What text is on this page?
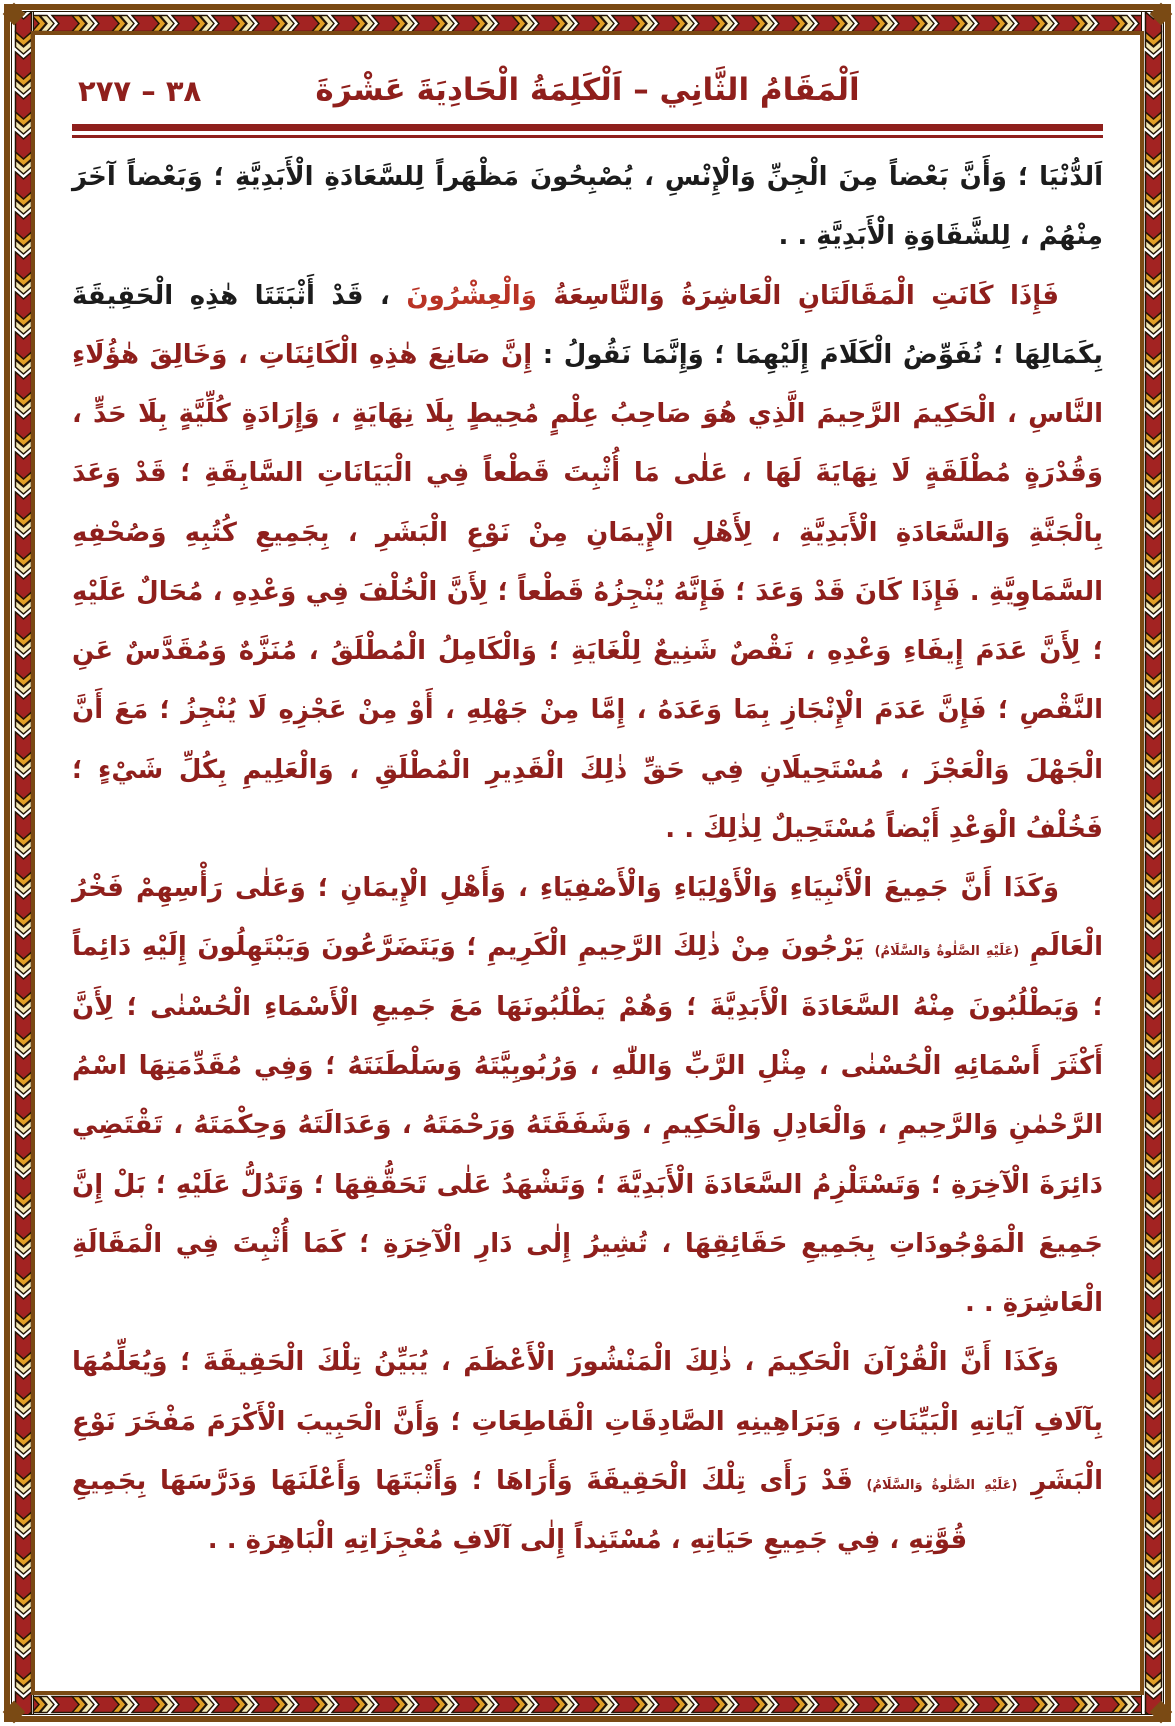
اَلْمَقَامُ الثَّانِي – اَلْكَلِمَةُ الْحَادِيَةَ عَشْرَةَ
٣٨ – ٢٧٧

اَلدُّنْيَا ؛ وَأَنَّ بَعْضاً مِنَ الْجِنِّ وَالْإِنْسِ ، يُصْبِحُونَ مَظْهَراً لِلسَّعَادَةِ الْأَبَدِيَّةِ ؛ وَبَعْضاً آخَرَ مِنْهُمْ ، لِلشَّقَاوَةِ الْأَبَدِيَّةِ . .

فَإِذَا كَانَتِ الْمَقَالَتَانِ الْعَاشِرَةُ وَالتَّاسِعَةُ وَالْعِشْرُونَ ، قَدْ أَثْبَتَتَا هٰذِهِ الْحَقِيقَةَ بِكَمَالِهَا ؛ نُفَوِّضُ الْكَلَامَ إِلَيْهِمَا ؛ وَإِنَّمَا نَقُولُ : إِنَّ صَانِعَ هٰذِهِ الْكَائِنَاتِ ، وَخَالِقَ هٰؤُلَاءِ النَّاسِ ، الْحَكِيمَ الرَّحِيمَ الَّذِي هُوَ صَاحِبُ عِلْمٍ مُحِيطٍ بِلَا نِهَايَةٍ ، وَإِرَادَةٍ كُلِّيَّةٍ بِلَا حَدٍّ ، وَقُدْرَةٍ مُطْلَقَةٍ لَا نِهَايَةَ لَهَا ، عَلٰى مَا أُثْبِتَ قَطْعاً فِي الْبَيَانَاتِ السَّابِقَةِ ؛ قَدْ وَعَدَ بِالْجَنَّةِ وَالسَّعَادَةِ الْأَبَدِيَّةِ ، لِأَهْلِ الْإِيمَانِ مِنْ نَوْعِ الْبَشَرِ ، بِجَمِيعِ كُتُبِهِ وَصُحْفِهِ السَّمَاوِيَّةِ . فَإِذَا كَانَ قَدْ وَعَدَ ؛ فَإِنَّهُ يُنْجِزُهُ قَطْعاً ؛ لِأَنَّ الْخُلْفَ فِي وَعْدِهِ ، مُحَالٌ عَلَيْهِ ؛ لِأَنَّ عَدَمَ إِيفَاءِ وَعْدِهِ ، نَقْصٌ شَنِيعٌ لِلْغَايَةِ ؛ وَالْكَامِلُ الْمُطْلَقُ ، مُنَزَّهٌ وَمُقَدَّسٌ عَنِ النَّقْصِ ؛ فَإِنَّ عَدَمَ الْإِنْجَازِ بِمَا وَعَدَهُ ، إِمَّا مِنْ جَهْلِهِ ، أَوْ مِنْ عَجْزِهِ لَا يُنْجِزُ ؛ مَعَ أَنَّ الْجَهْلَ وَالْعَجْزَ ، مُسْتَحِيلَانِ فِي حَقِّ ذٰلِكَ الْقَدِيرِ الْمُطْلَقِ ، وَالْعَلِيمِ بِكُلِّ شَيْءٍ ؛ فَخُلْفُ الْوَعْدِ أَيْضاً مُسْتَحِيلٌ لِذٰلِكَ . .

وَكَذَا أَنَّ جَمِيعَ الْأَنْبِيَاءِ وَالْأَوْلِيَاءِ وَالْأَصْفِيَاءِ ، وَأَهْلِ الْإِيمَانِ ؛ وَعَلٰى رَأْسِهِمْ فَخْرُ الْعَالَمِ (عَلَيْهِ الصَّلٰوةُ وَالسَّلَامُ) يَرْجُونَ مِنْ ذٰلِكَ الرَّحِيمِ الْكَرِيمِ ؛ وَيَتَضَرَّعُونَ وَيَبْتَهِلُونَ إِلَيْهِ دَائِماً ؛ وَيَطْلُبُونَ مِنْهُ السَّعَادَةَ الْأَبَدِيَّةَ ؛ وَهُمْ يَطْلُبُونَهَا مَعَ جَمِيعِ الْأَسْمَاءِ الْحُسْنٰى ؛ لِأَنَّ أَكْثَرَ أَسْمَائِهِ الْحُسْنٰى ، مِثْلِ الرَّبِّ وَاللّٰهِ ، وَرُبُوبِيَّتَهُ وَسَلْطَنَتَهُ ؛ وَفِي مُقَدِّمَتِهَا اسْمُ الرَّحْمٰنِ وَالرَّحِيمِ ، وَالْعَادِلِ وَالْحَكِيمِ ، وَشَفَقَتَهُ وَرَحْمَتَهُ ، وَعَدَالَتَهُ وَحِكْمَتَهُ ، تَقْتَضِي دَائِرَةَ الْآخِرَةِ ؛ وَتَسْتَلْزِمُ السَّعَادَةَ الْأَبَدِيَّةَ ؛ وَتَشْهَدُ عَلٰى تَحَقُّقِهَا ؛ وَتَدُلُّ عَلَيْهِ ؛ بَلْ إِنَّ جَمِيعَ الْمَوْجُودَاتِ بِجَمِيعِ حَقَائِقِهَا ، تُشِيرُ إِلٰى دَارِ الْآخِرَةِ ؛ كَمَا أُثْبِتَ فِي الْمَقَالَةِ الْعَاشِرَةِ . .

وَكَذَا أَنَّ الْقُرْآنَ الْحَكِيمَ ، ذٰلِكَ الْمَنْشُورَ الْأَعْظَمَ ، يُبَيِّنُ تِلْكَ الْحَقِيقَةَ ؛ وَيُعَلِّمُهَا بِآلَافِ آيَاتِهِ الْبَيِّنَاتِ ، وَبَرَاهِينِهِ الصَّادِقَاتِ الْقَاطِعَاتِ ؛ وَأَنَّ الْحَبِيبَ الْأَكْرَمَ مَفْخَرَ نَوْعِ الْبَشَرِ (عَلَيْهِ الصَّلٰوةُ وَالسَّلَامُ) قَدْ رَأَى تِلْكَ الْحَقِيقَةَ وَأَرَاهَا ؛ وَأَثْبَتَهَا وَأَعْلَنَهَا وَدَرَّسَهَا بِجَمِيعِ قُوَّتِهِ ، فِي جَمِيعِ حَيَاتِهِ ، مُسْتَنِداً إِلٰى آلَافِ مُعْجِزَاتِهِ الْبَاهِرَةِ . .
